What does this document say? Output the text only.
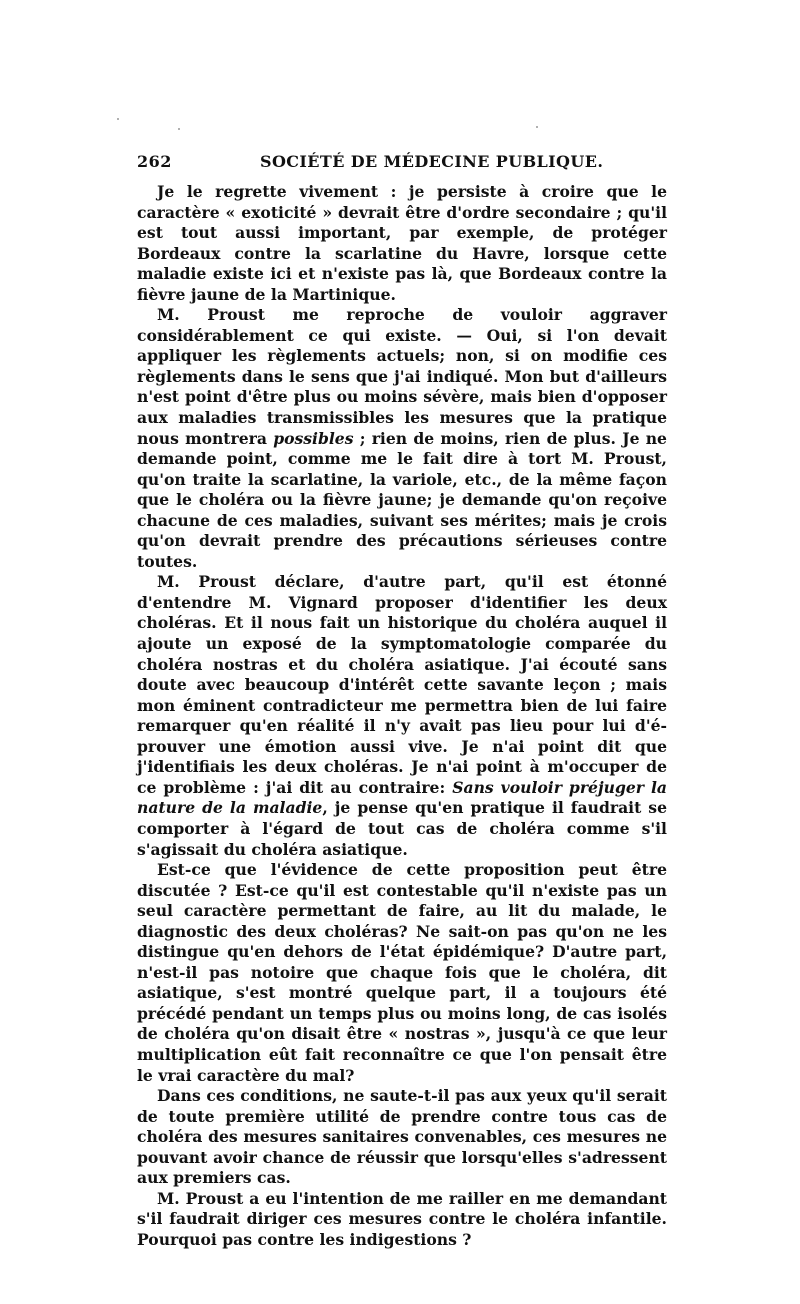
262	SOCIÉTÉ DE MÉDECINE PUBLIQUE.

Je le regrette vivement : je persiste à croire que le caractère « exoticité » devrait être d'ordre secondaire ; qu'il est tout aussi important, par exemple, de protéger Bordeaux contre la scarlatine du Havre, lorsque cette maladie existe ici et n'existe pas là, que Bordeaux contre la fièvre jaune de la Martinique.

M. Proust me reproche de vouloir aggraver considérablement ce qui existe. — Oui, si l'on devait appliquer les règlements actuels; non, si on modifie ces règlements dans le sens que j'ai indiqué. Mon but d'ailleurs n'est point d'être plus ou moins sévère, mais bien d'opposer aux maladies transmissibles les mesures que la pratique nous montrera possibles ; rien de moins, rien de plus. Je ne demande point, comme me le fait dire à tort M. Proust, qu'on traite la scarlatine, la variole, etc., de la même façon que le choléra ou la fièvre jaune; je demande qu'on reçoive chacune de ces maladies, suivant ses mérites; mais je crois qu'on devrait prendre des précautions sérieuses contre toutes.

M. Proust déclare, d'autre part, qu'il est étonné d'entendre M. Vignard proposer d'identifier les deux choléras. Et il nous fait un historique du choléra auquel il ajoute un exposé de la symptomatologie comparée du choléra nostras et du choléra asiatique. J'ai écouté sans doute avec beaucoup d'intérêt cette savante leçon ; mais mon éminent contradicteur me permettra bien de lui faire remarquer qu'en réalité il n'y avait pas lieu pour lui d'éprouver une émotion aussi vive. Je n'ai point dit que j'identifiais les deux choléras. Je n'ai point à m'occuper de ce problème : j'ai dit au contraire: Sans vouloir préjuger la nature de la maladie, je pense qu'en pratique il faudrait se comporter à l'égard de tout cas de choléra comme s'il s'agissait du choléra asiatique.

Est-ce que l'évidence de cette proposition peut être discutée ? Est-ce qu'il est contestable qu'il n'existe pas un seul caractère permettant de faire, au lit du malade, le diagnostic des deux choléras? Ne sait-on pas qu'on ne les distingue qu'en dehors de l'état épidémique? D'autre part, n'est-il pas notoire que chaque fois que le choléra, dit asiatique, s'est montré quelque part, il a toujours été précédé pendant un temps plus ou moins long, de cas isolés de choléra qu'on disait être « nostras », jusqu'à ce que leur multiplication eût fait reconnaître ce que l'on pensait être le vrai caractère du mal?

Dans ces conditions, ne saute-t-il pas aux yeux qu'il serait de toute première utilité de prendre contre tous cas de choléra des mesures sanitaires convenables, ces mesures ne pouvant avoir chance de réussir que lorsqu'elles s'adressent aux premiers cas.

M. Proust a eu l'intention de me railler en me demandant s'il faudrait diriger ces mesures contre le choléra infantile. Pourquoi pas contre les indigestions ?
